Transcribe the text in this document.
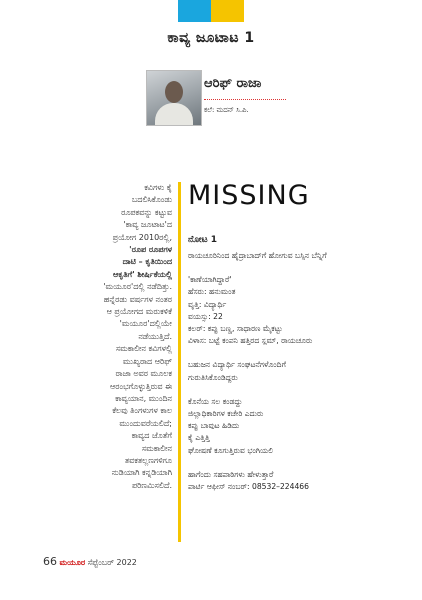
ಕಾವ್ಯ ಜೂಟಾಟ 1
ಆರಿಫ್ ರಾಜಾ
ಕಲೆ: ಮದನ್ ಸಿ.ಪಿ.

ಕವಿಗಳು ಕೈ

ಬದಲಿಸಿಕೊಂಡು

ರೂಪಕವನ್ನು ಕಟ್ಟುವ

'ಕಾವ್ಯ ಜೂಟಾಟ'ದ

ಪ್ರಯೋಗ 2010ರಲ್ಲಿ,

'ರೂಪ ರೂಪಗಳ

ದಾಟಿ – ಕೃತಿಯಿಂದ

ಆಕೃತಿಗೆ' ಶೀರ್ಷಿಕೆಯಲ್ಲಿ

'ಮಯೂರ'ದಲ್ಲಿ ನಡೆದಿತ್ತು.

ಹನ್ನೆರಡು ವರ್ಷಗಳ ನಂತರ

ಆ ಪ್ರಯೋಗದ ಮರುಕಳಿಕೆ

'ಮಯೂರ'ದಲ್ಲಿಯೇ

ನಡೆಯುತ್ತಿದೆ.

ಸಮಕಾಲೀನ ಕವಿಗಳಲ್ಲಿ

ಮುಖ್ಯರಾದ ಆರಿಫ್

ರಾಜಾ ಅವರ ಮೂಲಕ

ಆರಂಭಗೊಳ್ಳುತ್ತಿರುವ ಈ

ಕಾವ್ಯಯಾನ, ಮುಂದಿನ

ಕೆಲವು ತಿಂಗಳುಗಳ ಕಾಲ

ಮುಂದುವರೆಯಲಿದೆ;

ಕಾವ್ಯದ ಜೊತೆಗೆ

ಸಮಕಾಲೀನ

ತವಕತಲ್ಲಣಗಳಿಗೂ

ನುಡಿಯಾಗಿ ಕನ್ನಡಿಯಾಗಿ

ಪರಿಣಮಿಸಲಿದೆ.

MISSING
ನೋಟ 1
ರಾಯಚೂರಿನಿಂದ ಹೈದ್ರಾಬಾದ್‌ಗೆ ಹೋಗುವ ಬಸ್ಸಿನ ಬೆನ್ನಿಗೆ
'ಕಾಣೆಯಾಗಿದ್ದಾರೆ'
ಹೆಸರು: ಹನುಮಂತ
ವೃತ್ತಿ: ವಿದ್ಯಾರ್ಥಿ
ವಯಸ್ಸು: 22
ಕಲರ್: ಕಪ್ಪು ಬಣ್ಣ, ಸಾಧಾರಣ ಮೈಕಟ್ಟು
ವಿಳಾಸ: ಬಟ್ಟೆ ಕಂಪನಿ ಹತ್ತಿರದ ಸ್ಲಮ್, ರಾಯಚೂರು
ಬಹುಜನ ವಿದ್ಯಾರ್ಥಿ ಸಂಘಟನೆಗಳೊಂದಿಗೆ
ಗುರುತಿಸಿಕೊಂಡಿದ್ದರು
ಕೊನೆಯ ಸಲ ಕಂಡದ್ದು
ಜಿಲ್ಲಾಧಿಕಾರಿಗಳ ಕಚೇರಿ ಎದುರು
ಕಪ್ಪು ಬಾವುಟ ಹಿಡಿದು
ಕೈ ಎತ್ತಿತ್ತಿ
ಘೋಷಣೆ ಕೂಗುತ್ತಿರುವ ಭಂಗಿಯಲಿ
ಹಾಗೆಂದು ಸಹಪಾಠಿಗಳು ಹೇಳುತ್ತಾರೆ
ಪಾರ್ಟಿ ಆಫೀಸ್ ನಂಬರ್: 08532–224466
66 ಮಯೂರ ಸೆಪ್ಟೆಂಬರ್ 2022
